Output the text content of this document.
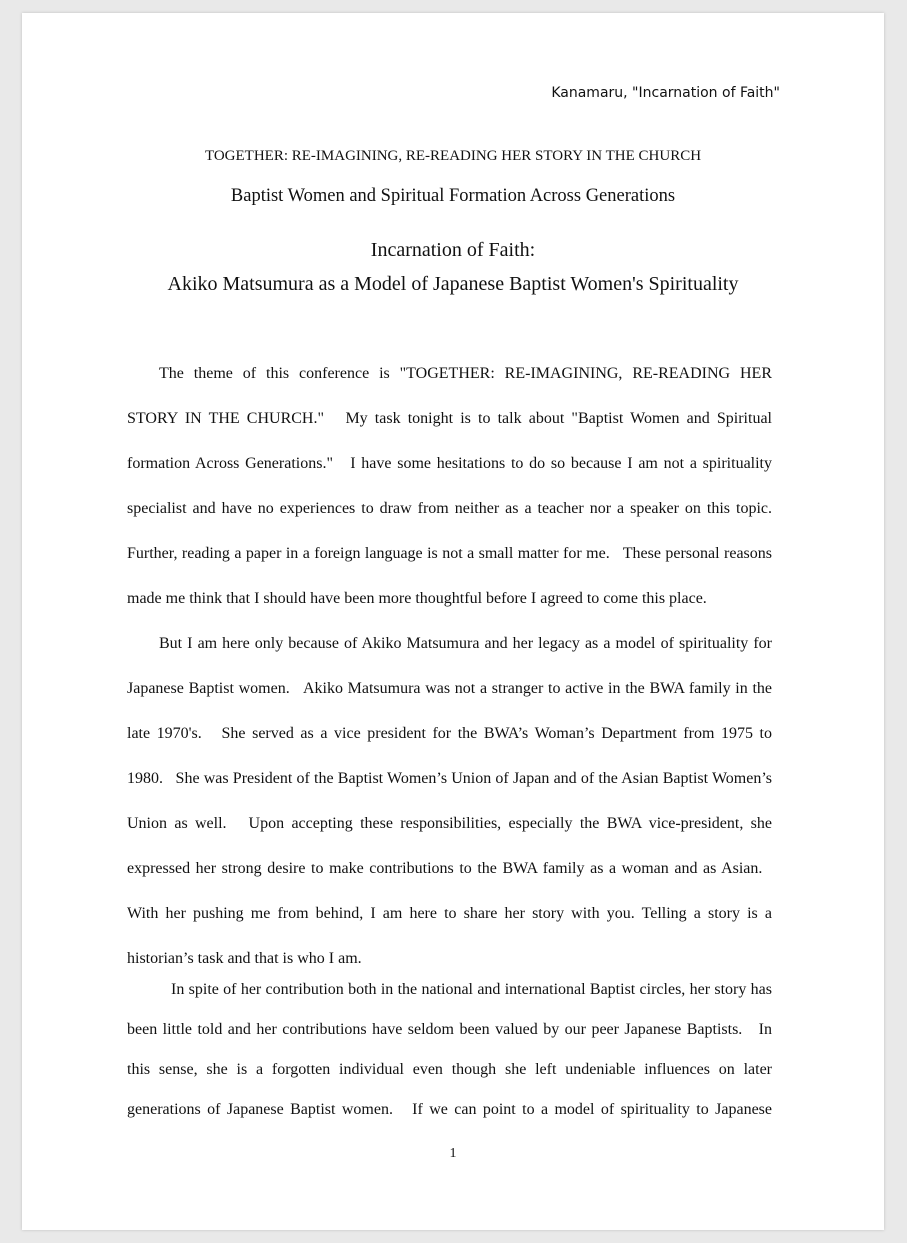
Kanamaru, "Incarnation of Faith"
TOGETHER: RE-IMAGINING, RE-READING HER STORY IN THE CHURCH
Baptist Women and Spiritual Formation Across Generations
Incarnation of Faith:
Akiko Matsumura as a Model of Japanese Baptist Women's Spirituality

The theme of this conference is "TOGETHER: RE-IMAGINING, RE-READING HER STORY IN THE CHURCH."   My task tonight is to talk about "Baptist Women and Spiritual formation Across Generations."   I have some hesitations to do so because I am not a spirituality specialist and have no experiences to draw from neither as a teacher nor a speaker on this topic. Further, reading a paper in a foreign language is not a small matter for me.   These personal reasons made me think that I should have been more thoughtful before I agreed to come this place.

But I am here only because of Akiko Matsumura and her legacy as a model of spirituality for Japanese Baptist women.   Akiko Matsumura was not a stranger to active in the BWA family in the late 1970's.   She served as a vice president for the BWA’s Woman’s Department from 1975 to 1980.   She was President of the Baptist Women’s Union of Japan and of the Asian Baptist Women’s Union as well.   Upon accepting these responsibilities, especially the BWA vice-president, she expressed her strong desire to make contributions to the BWA family as a woman and as Asian.   With her pushing me from behind, I am here to share her story with you. Telling a story is a historian’s task and that is who I am.

In spite of her contribution both in the national and international Baptist circles, her story has been little told and her contributions have seldom been valued by our peer Japanese Baptists.   In this sense, she is a forgotten individual even though she left undeniable influences on later generations of Japanese Baptist women.   If we can point to a model of spirituality to Japanese

1
